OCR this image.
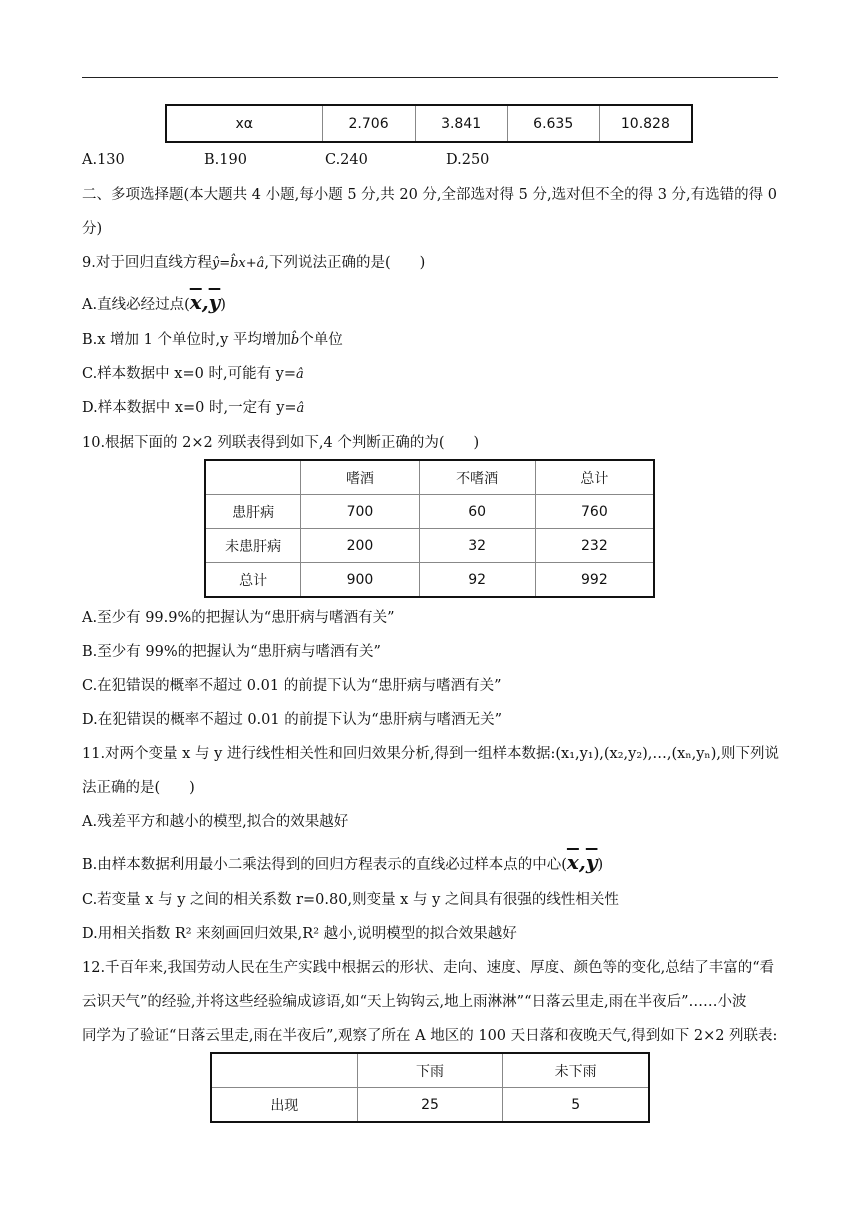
xα	2.706	3.841	6.635	10.828
A.130	B.190	C.240	D.250
二、多项选择题(本大题共 4 小题,每小题 5 分,共 20 分,全部选对得 5 分,选对但不全的得 3 分,有选错的得 0
分)
9.对于回归直线方程ŷ=b̂x+â,下列说法正确的是(　　)
A.直线必经过点$(\overline{x},\overline{y})$
B.x 增加 1 个单位时,y 平均增加b̂个单位
C.样本数据中 x=0 时,可能有 y=â
D.样本数据中 x=0 时,一定有 y=â
10.根据下面的 2×2 列联表得到如下,4 个判断正确的为(　　)
	嗜酒	不嗜酒	总计
患肝病	700	60	760
未患肝病	200	32	232
总计	900	92	992
A.至少有 99.9%的把握认为“患肝病与嗜酒有关”
B.至少有 99%的把握认为“患肝病与嗜酒有关”
C.在犯错误的概率不超过 0.01 的前提下认为“患肝病与嗜酒有关”
D.在犯错误的概率不超过 0.01 的前提下认为“患肝病与嗜酒无关”
11.对两个变量 x 与 y 进行线性相关性和回归效果分析,得到一组样本数据:(x₁,y₁),(x₂,y₂),…,(xₙ,yₙ),则下列说
法正确的是(　　)
A.残差平方和越小的模型,拟合的效果越好
B.由样本数据利用最小二乘法得到的回归方程表示的直线必过样本点的中心$(\overline{x},\overline{y})$
C.若变量 x 与 y 之间的相关系数 r=0.80,则变量 x 与 y 之间具有很强的线性相关性
D.用相关指数 R² 来刻画回归效果,R² 越小,说明模型的拟合效果越好
12.千百年来,我国劳动人民在生产实践中根据云的形状、走向、速度、厚度、颜色等的变化,总结了丰富的“看
云识天气”的经验,并将这些经验编成谚语,如“天上钩钩云,地上雨淋淋”“日落云里走,雨在半夜后”……小波
同学为了验证“日落云里走,雨在半夜后”,观察了所在 A 地区的 100 天日落和夜晚天气,得到如下 2×2 列联表:
	下雨	未下雨
出现	25	5
